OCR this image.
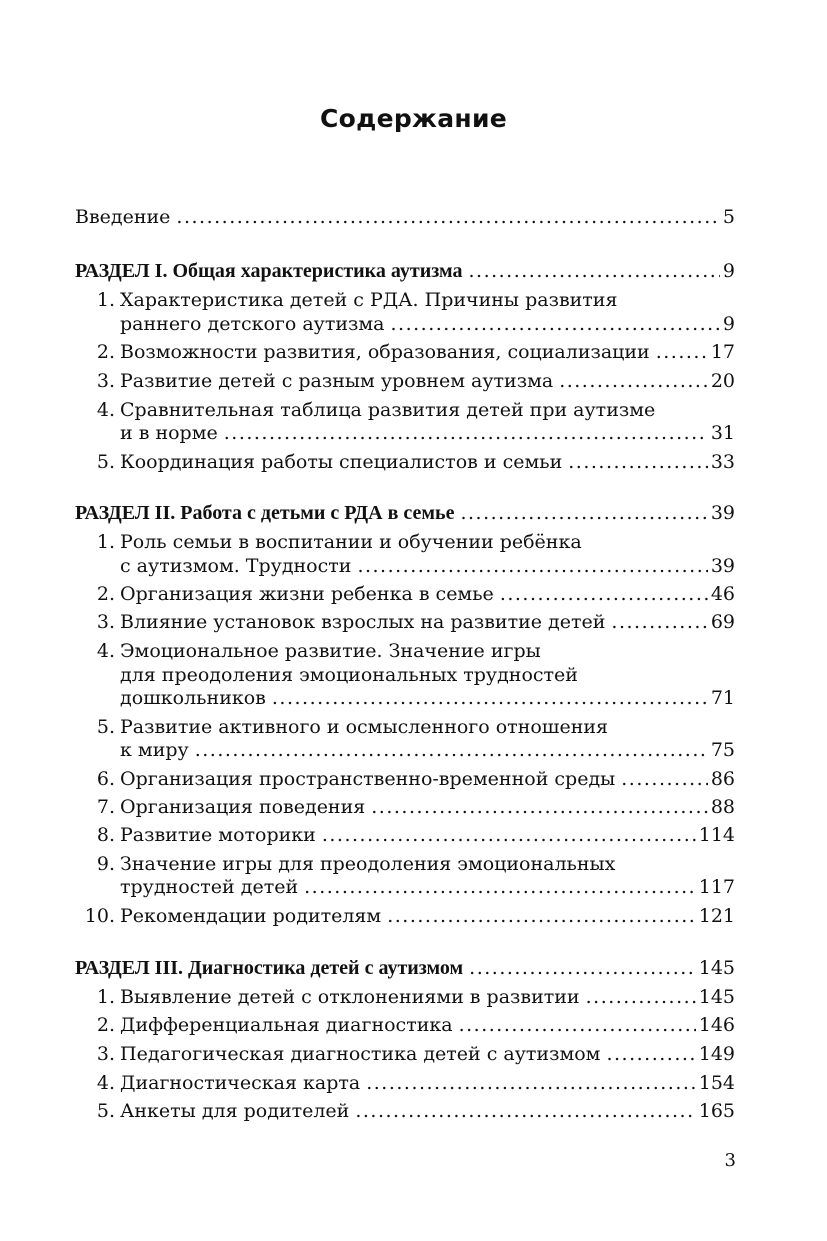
Содержание
Введение .....	5
РАЗДЕЛ I. Общая характеристика аутизма .....	9
1. Характеристика детей с РДА. Причины развития
раннего детского аутизма .....	9
2. Возможности развития, образования, социализации .....	17
3. Развитие детей с разным уровнем аутизма .....	20
4. Сравнительная таблица развития детей при аутизме
и в норме .....	31
5. Координация работы специалистов и семьи .....	33
РАЗДЕЛ II. Работа с детьми с РДА в семье .....	39
1. Роль семьи в воспитании и обучении ребёнка
с аутизмом. Трудности .....	39
2. Организация жизни ребенка в семье .....	46
3. Влияние установок взрослых на развитие детей .....	69
4. Эмоциональное развитие. Значение игры
для преодоления эмоциональных трудностей
дошкольников .....	71
5. Развитие активного и осмысленного отношения
к миру .....	75
6. Организация пространственно-временной среды .....	86
7. Организация поведения .....	88
8. Развитие моторики .....	114
9. Значение игры для преодоления эмоциональных
трудностей детей .....	117
10. Рекомендации родителям .....	121
РАЗДЕЛ III. Диагностика детей с аутизмом .....	145
1. Выявление детей с отклонениями в развитии .....	145
2. Дифференциальная диагностика .....	146
3. Педагогическая диагностика детей с аутизмом .....	149
4. Диагностическая карта .....	154
5. Анкеты для родителей .....	165
3
